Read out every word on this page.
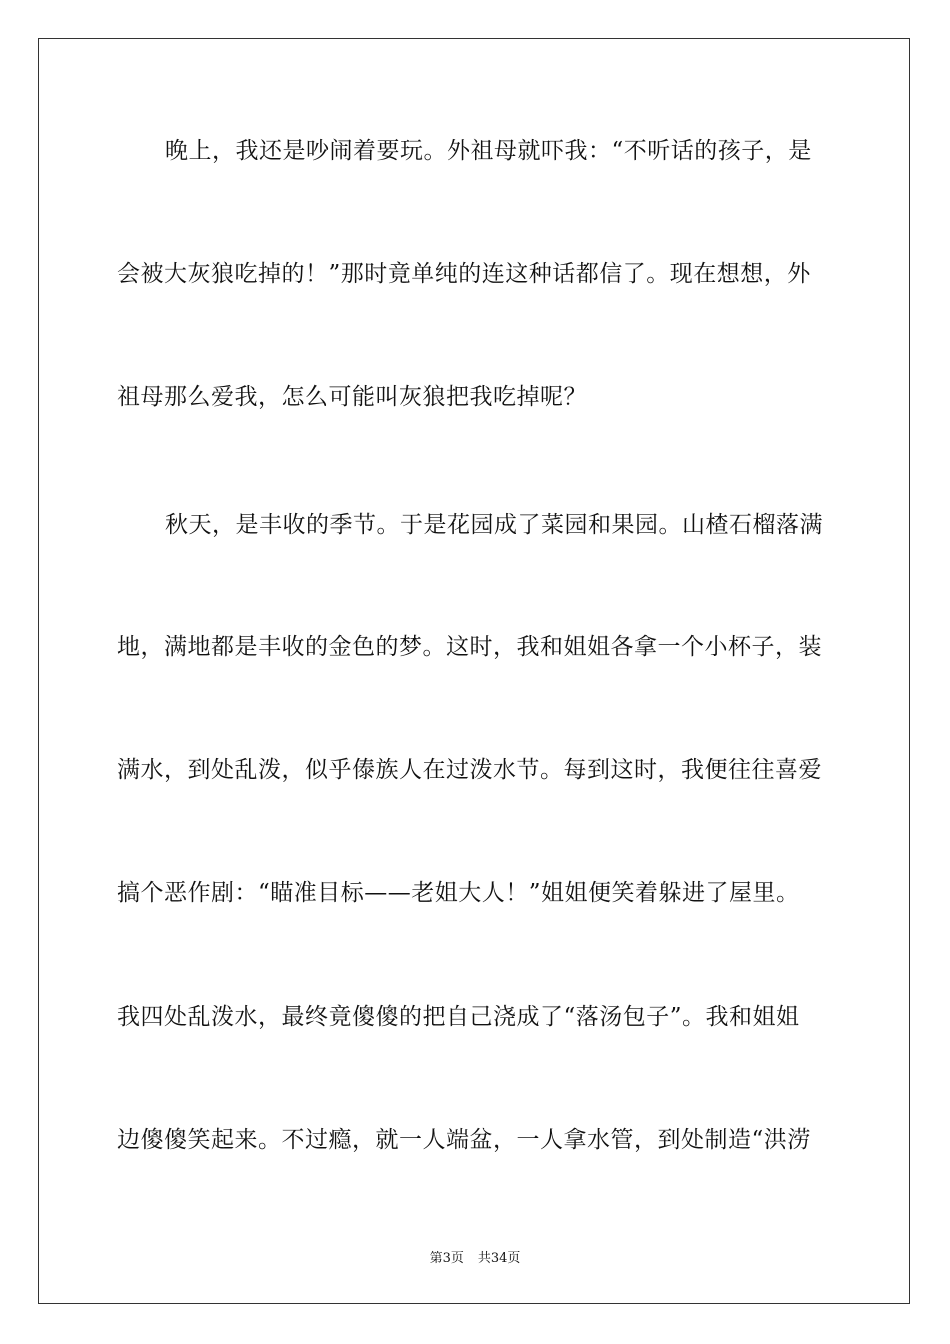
晚上，我还是吵闹着要玩。外祖母就吓我：“不听话的孩子，是
会被大灰狼吃掉的！”那时竟单纯的连这种话都信了。现在想想，外
祖母那么爱我，怎么可能叫灰狼把我吃掉呢？
秋天，是丰收的季节。于是花园成了菜园和果园。山楂石榴落满
地，满地都是丰收的金色的梦。这时，我和姐姐各拿一个小杯子，装
满水，到处乱泼，似乎傣族人在过泼水节。每到这时，我便往往喜爱
搞个恶作剧：“瞄准目标——老姐大人！”姐姐便笑着躲进了屋里。
我四处乱泼水，最终竟傻傻的把自己浇成了“落汤包子”。我和姐姐
边傻傻笑起来。不过瘾，就一人端盆，一人拿水管，到处制造“洪涝
第3页 共34页
